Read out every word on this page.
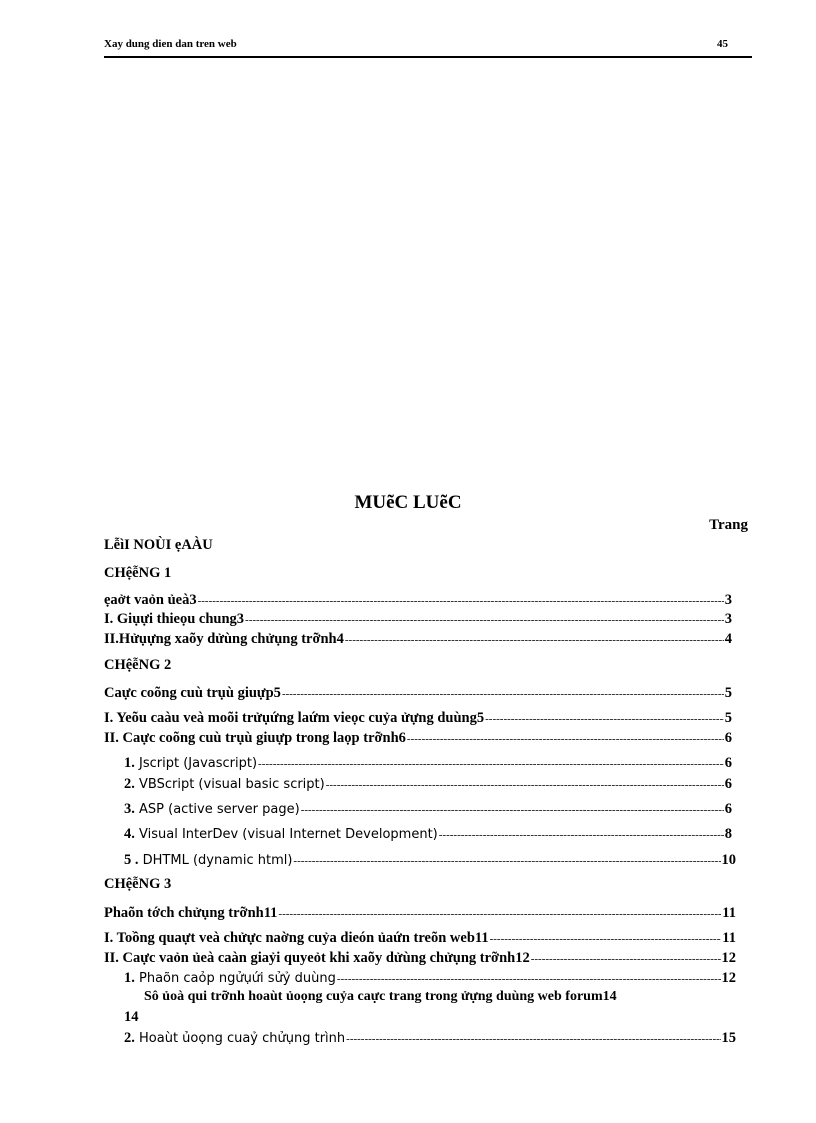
Xay dung dien dan tren web	45
MUẽC LUẽC
Trang
LễìI NOÙI ẹAÀU
CHệễNG 1
ẹaởt vaỏn ủeà3 -----	3
I. Giụựi thieọu chung3 -----	3
II.Hửụựng xaõy dửùng chửụng trỡnh4 -----	4
CHệễNG 2
Caực coõng cuù trụù giuựp5 -----	5
I. Yeõu caàu veà moõi trửụứng laứm vieọc cuỷa ửựng duùng5 -----	5
II. Caực coõng cuù trụù giuựp trong laọp trỡnh6 -----	6
1. Jscript (Javascript) -----	6
2. VBScript (visual basic script) -----	6
3. ASP (active server page) -----	6
4. Visual InterDev (visual Internet Development) -----	8
5 . DHTML (dynamic html) -----	10
CHệễNG 3
Phaõn tớch chửụng trỡnh11 -----	11
I. Toồng quaựt veà chửực naờng cuỷa dieón ủaứn treõn web11 -----	11
II. Caực vaỏn ủeà caàn giaỷi quyeỏt khi xaõy dửùng chửụng trỡnh12 -----	12
1. Phaõn caỏp ngửụứi sửỷ duùng -----	12
Sô ủoà qui trỡnh hoaùt ủoọng cuỷa caực trang trong ửựng duùng web forum14
14
2. Hoaùt ủoọng cuaỷ chửụng trình -----	15
